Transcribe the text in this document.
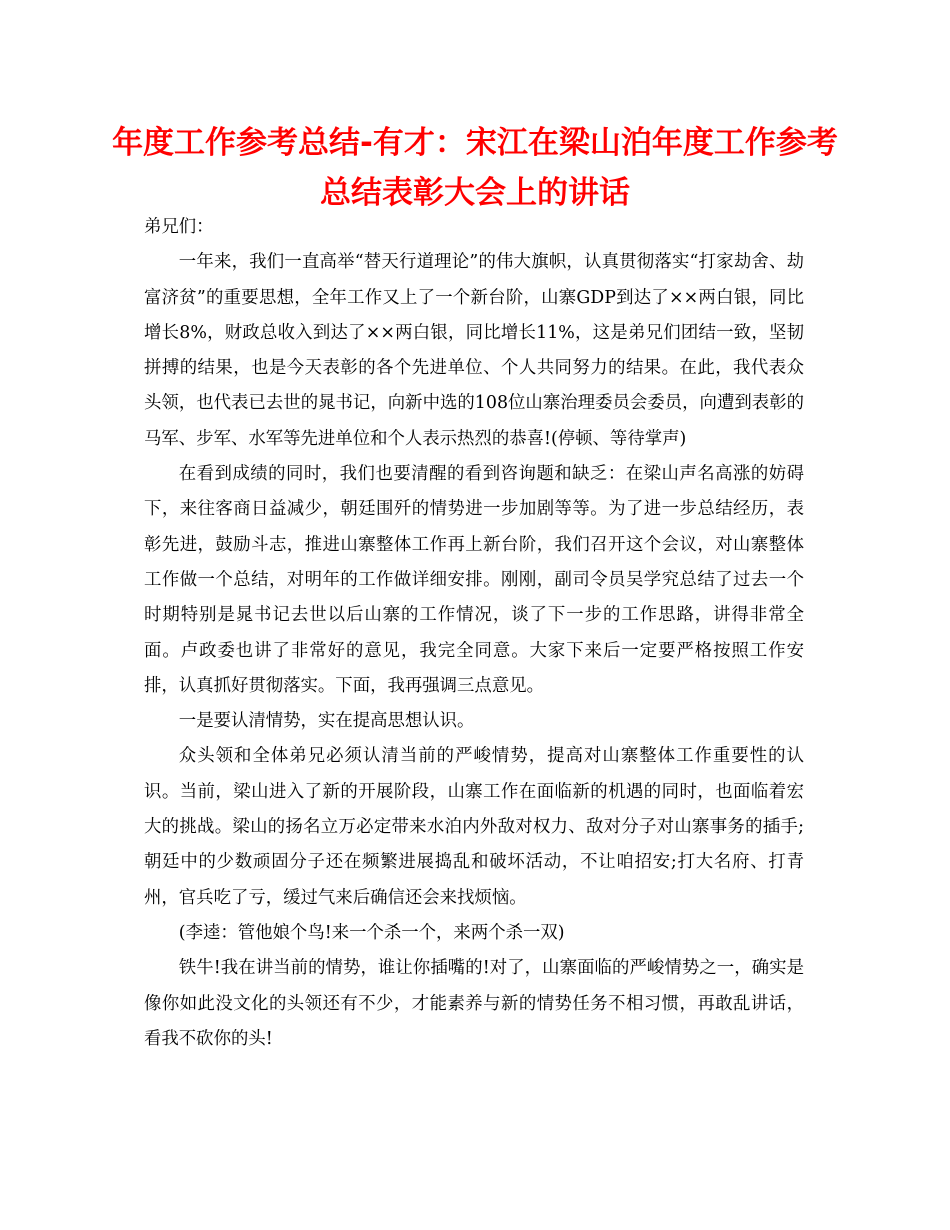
年度工作参考总结-有才：宋江在梁山泊年度工作参考总结表彰大会上的讲话

弟兄们：

一年来，我们一直高举“替天行道理论”的伟大旗帜，认真贯彻落实“打家劫舍、劫富济贫”的重要思想，全年工作又上了一个新台阶，山寨GDP到达了××两白银，同比增长8%，财政总收入到达了××两白银，同比增长11%，这是弟兄们团结一致，坚韧拼搏的结果，也是今天表彰的各个先进单位、个人共同努力的结果。在此，我代表众头领，也代表已去世的晁书记，向新中选的108位山寨治理委员会委员，向遭到表彰的马军、步军、水军等先进单位和个人表示热烈的恭喜!(停顿、等待掌声)

在看到成绩的同时，我们也要清醒的看到咨询题和缺乏：在梁山声名高涨的妨碍下，来往客商日益减少，朝廷围歼的情势进一步加剧等等。为了进一步总结经历，表彰先进，鼓励斗志，推进山寨整体工作再上新台阶，我们召开这个会议，对山寨整体工作做一个总结，对明年的工作做详细安排。刚刚，副司令员吴学究总结了过去一个时期特别是晁书记去世以后山寨的工作情况，谈了下一步的工作思路，讲得非常全面。卢政委也讲了非常好的意见，我完全同意。大家下来后一定要严格按照工作安排，认真抓好贯彻落实。下面，我再强调三点意见。

一是要认清情势，实在提高思想认识。

众头领和全体弟兄必须认清当前的严峻情势，提高对山寨整体工作重要性的认识。当前，梁山进入了新的开展阶段，山寨工作在面临新的机遇的同时，也面临着宏大的挑战。梁山的扬名立万必定带来水泊内外敌对权力、敌对分子对山寨事务的插手;朝廷中的少数顽固分子还在频繁进展捣乱和破坏活动，不让咱招安;打大名府、打青州，官兵吃了亏，缓过气来后确信还会来找烦恼。

(李逵：管他娘个鸟!来一个杀一个，来两个杀一双)

铁牛!我在讲当前的情势，谁让你插嘴的!对了，山寨面临的严峻情势之一，确实是像你如此没文化的头领还有不少，才能素养与新的情势任务不相习惯，再敢乱讲话，看我不砍你的头!
